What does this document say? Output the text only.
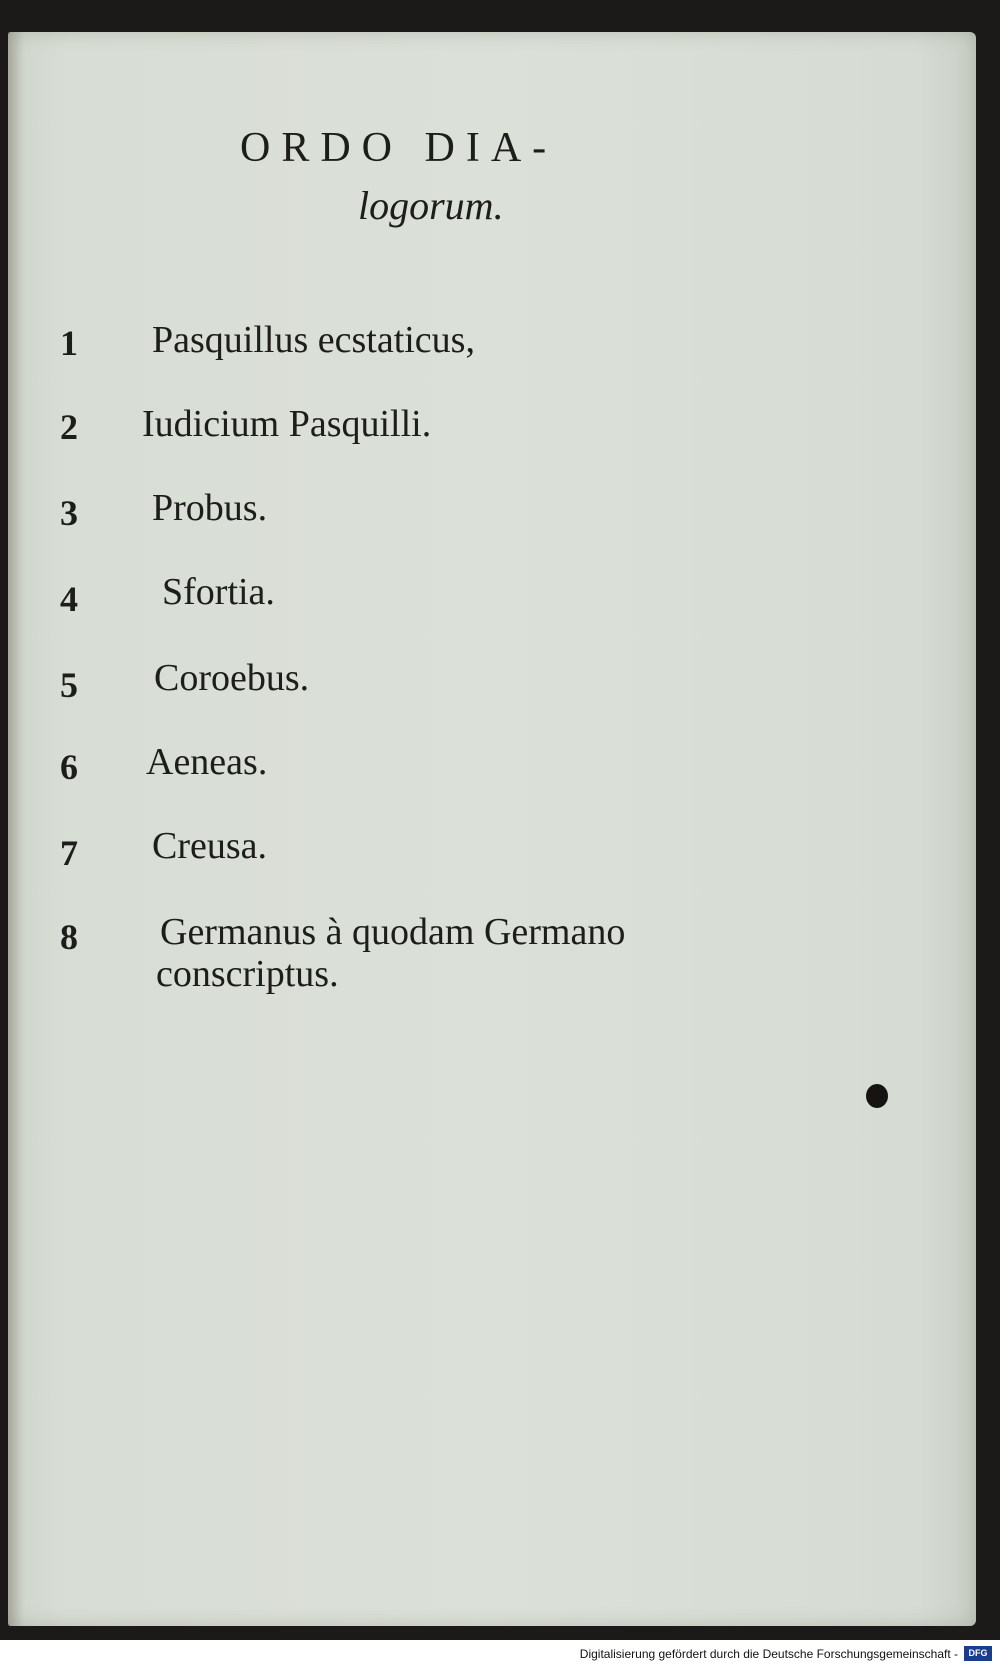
ORDO DIA-
logorum.
1 Pasquillus ecstaticus,
2 Iudicium Pasquilli.
3 Probus.
4 Sfortia.
5 Coroebus.
6 Aeneas.
7 Creusa.
8 Germanus à quodam Germano
conscriptus.
Digitalisierung gefördert durch die Deutsche Forschungsgemeinschaft -	DFG
